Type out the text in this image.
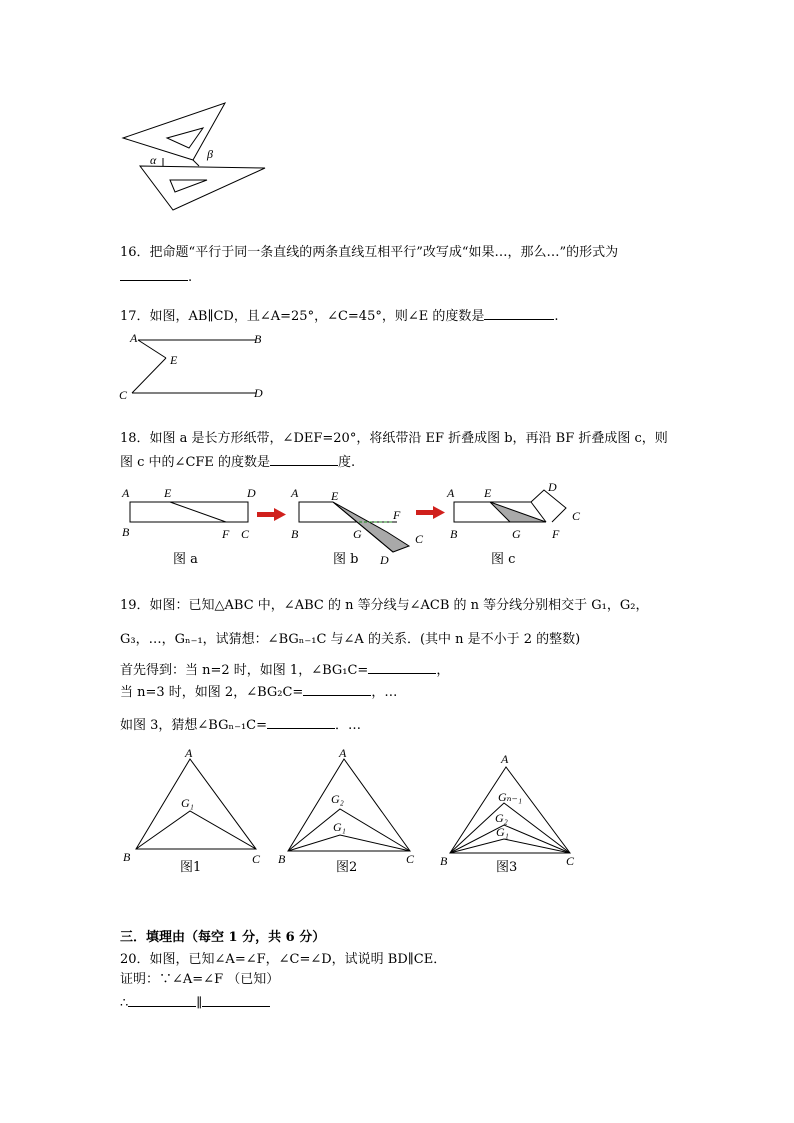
α	β
16．把命题“平行于同一条直线的两条直线互相平行”改写成“如果…，那么…”的形式为
.
17．如图，AB∥CD，且∠A=25°，∠C=45°，则∠E 的度数是	.
A	B
E
C	D
18．如图 a 是长方形纸带，∠DEF=20°，将纸带沿 EF 折叠成图 b，再沿 BF 折叠成图 c，则
图 c 中的∠CFE 的度数是	度.
A	E	D
B	F C
图 a
A	E
F
B	G	C
D
图 b
A E	D
C
B	G	F
图 c
19．如图：已知△ABC 中，∠ABC 的 n 等分线与∠ACB 的 n 等分线分别相交于 G₁，G₂，
G₃，…，Gₙ₋₁，试猜想：∠BGₙ₋₁C 与∠A 的关系．(其中 n 是不小于 2 的整数)
首先得到：当 n=2 时，如图 1，∠BG₁C=	，
当 n=3 时，如图 2，∠BG₂C=	，…
如图 3，猜想∠BGₙ₋₁C=	．…
A
G₁
B	C
图1
A
G₂
G₁
B	C
图2
A
Gₙ₋₁
G₂
G₁
B	C
图3
三．填理由（每空 1 分，共 6 分）
20．如图，已知∠A=∠F，∠C=∠D，试说明 BD∥CE．
证明：∵∠A=∠F （已知）
∴	∥
